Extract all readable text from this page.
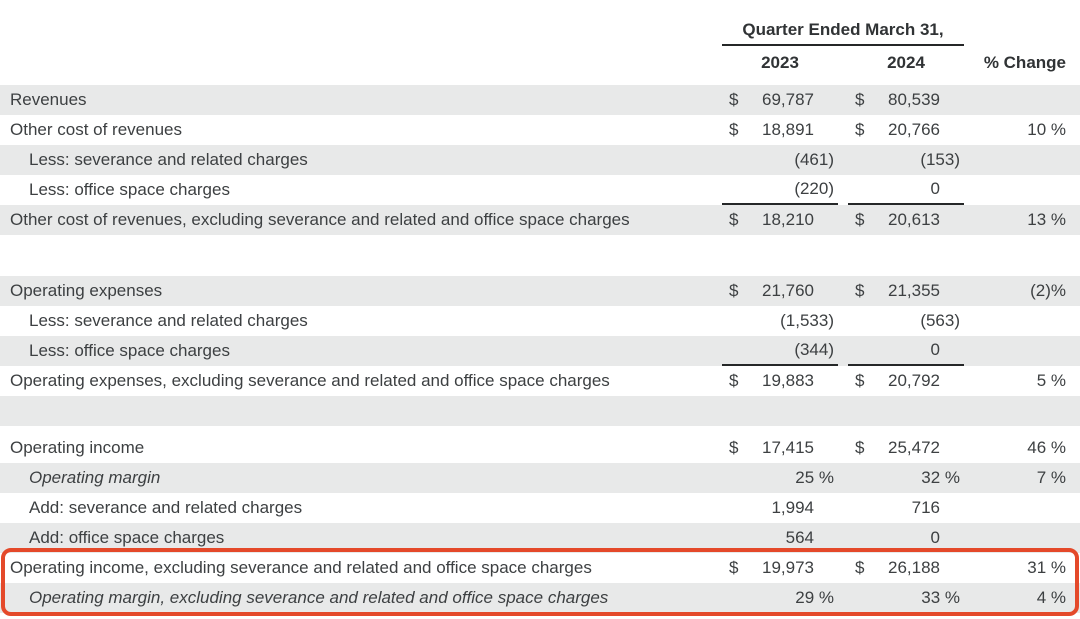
Quarter Ended March 31,
2023	2024	% Change
Revenues	$	69,787	$	80,539
Other cost of revenues	$	18,891	$	20,766	10 %
Less: severance and related charges	(461)	(153)
Less: office space charges	(220)	0
Other cost of revenues, excluding severance and related and office space charges	$	18,210	$	20,613	13 %
Operating expenses	$	21,760	$	21,355	(2)%
Less: severance and related charges	(1,533)	(563)
Less: office space charges	(344)	0
Operating expenses, excluding severance and related and office space charges	$	19,883	$	20,792	5 %
Operating income	$	17,415	$	25,472	46 %
Operating margin	25 %	32 %	7 %
Add: severance and related charges	1,994	716
Add: office space charges	564	0
Operating income, excluding severance and related and office space charges	$	19,973	$	26,188	31 %
Operating margin, excluding severance and related and office space charges	29 %	33 %	4 %
